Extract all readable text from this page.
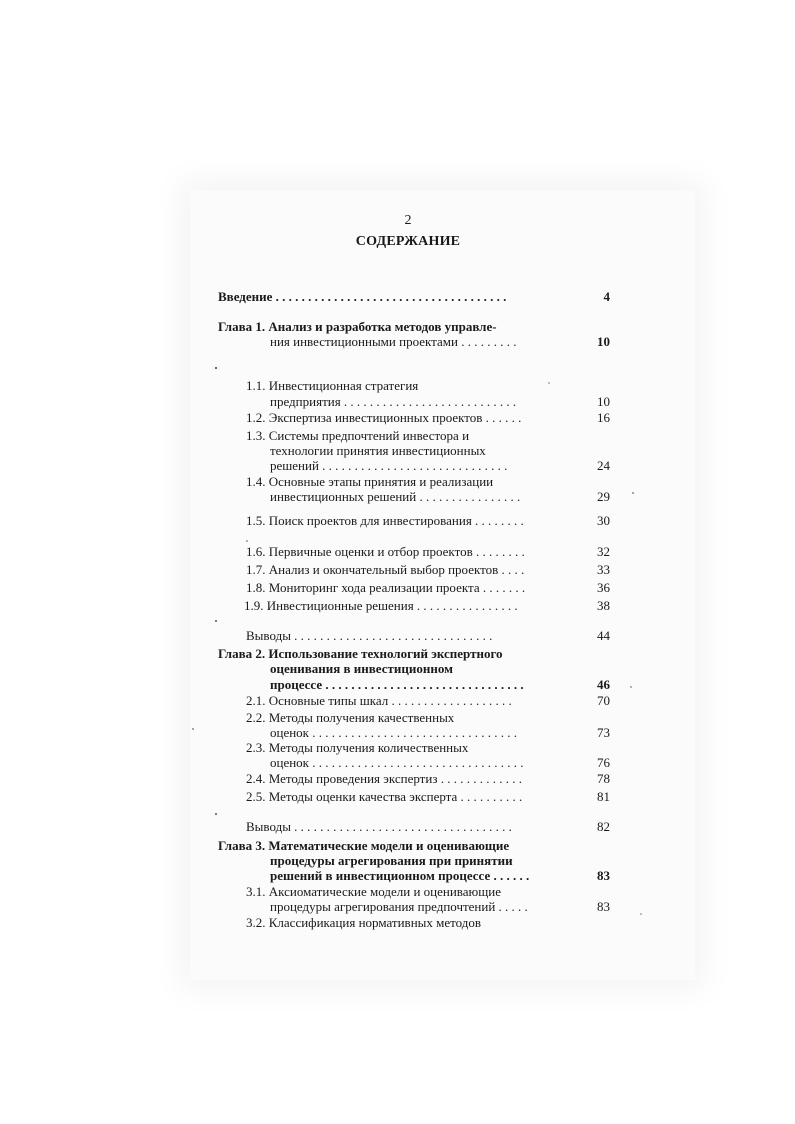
2
СОДЕРЖАНИЕ
Введение . . . . . . . . . . . . . . . . . . . . . . . . . . . . . . . . . . . .	4
Глава 1. Анализ и разработка методов управле-
ния инвестиционными проектами . . . . . . . . .	10
1.1. Инвестиционная стратегия
предприятия . . . . . . . . . . . . . . . . . . . . . . . . . . .	10
1.2. Экспертиза инвестиционных проектов . . . . . .	16
1.3. Системы предпочтений инвестора и
технологии принятия инвестиционных
решений . . . . . . . . . . . . . . . . . . . . . . . . . . . . .	24
1.4. Основные этапы принятия и реализации
инвестиционных решений . . . . . . . . . . . . . . . .	29
1.5. Поиск проектов для инвестирования . . . . . . . .	30
1.6. Первичные оценки и отбор проектов . . . . . . . .	32
1.7. Анализ и окончательный выбор проектов . . . .	33
1.8. Мониторинг хода реализации проекта . . . . . . .	36
1.9. Инвестиционные решения . . . . . . . . . . . . . . . .	38
Выводы . . . . . . . . . . . . . . . . . . . . . . . . . . . . . . .	44
Глава 2. Использование технологий экспертного
оценивания в инвестиционном
процессе . . . . . . . . . . . . . . . . . . . . . . . . . . . . . . .	46
2.1. Основные типы шкал . . . . . . . . . . . . . . . . . . .	70
2.2. Методы получения качественных
оценок . . . . . . . . . . . . . . . . . . . . . . . . . . . . . . . .	73
2.3. Методы получения количественных
оценок . . . . . . . . . . . . . . . . . . . . . . . . . . . . . . . . .	76
2.4. Методы проведения экспертиз . . . . . . . . . . . . .	78
2.5. Методы оценки качества эксперта . . . . . . . . . .	81
Выводы . . . . . . . . . . . . . . . . . . . . . . . . . . . . . . . . . .	82
Глава 3. Математические модели и оценивающие
процедуры агрегирования при принятии
решений в инвестиционном процессе . . . . . .	83
3.1. Аксиоматические модели и оценивающие
процедуры агрегирования предпочтений . . . . .	83
3.2. Классификация нормативных методов
